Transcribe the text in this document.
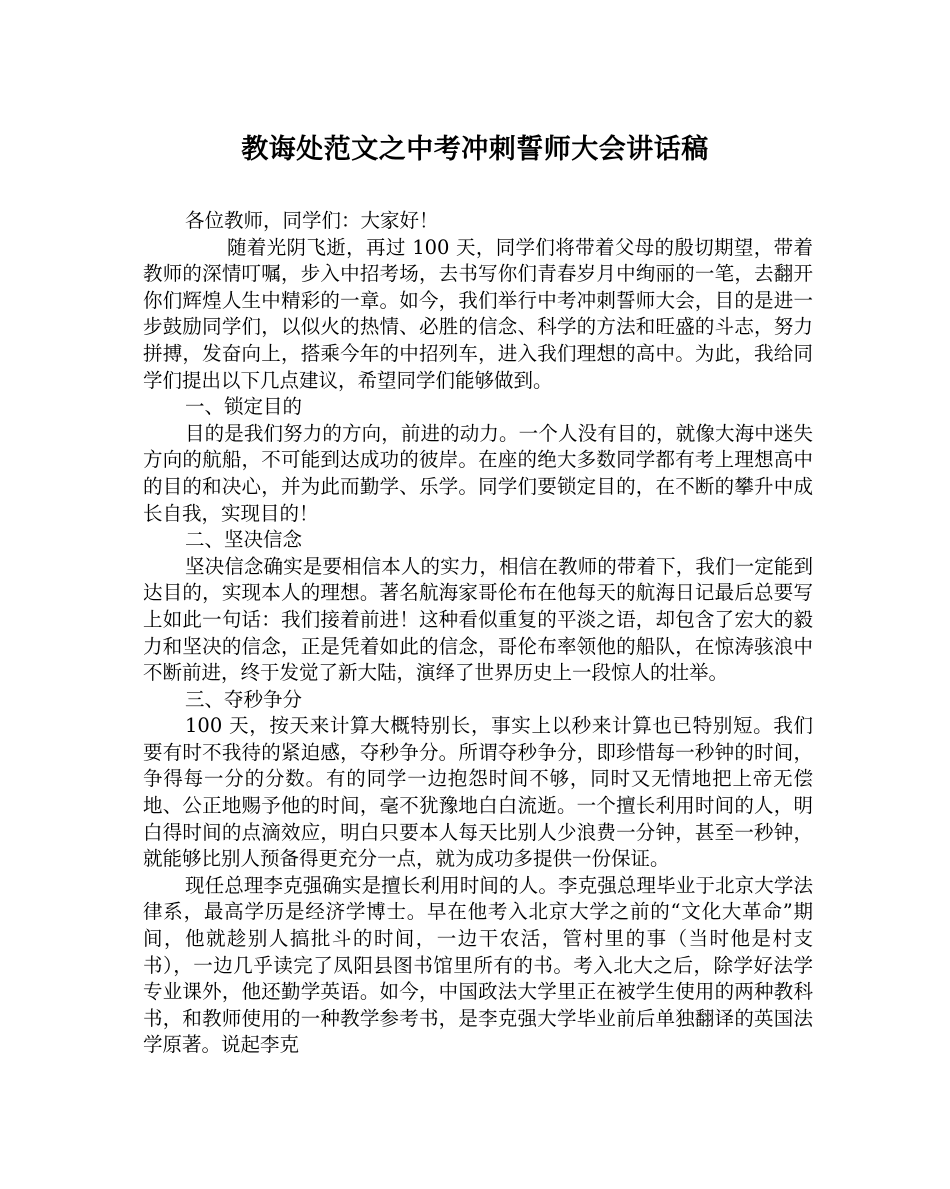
教诲处范文之中考冲刺誓师大会讲话稿

各位教师，同学们：大家好！

随着光阴飞逝，再过 100 天，同学们将带着父母的殷切期望，带着教师的深情叮嘱，步入中招考场，去书写你们青春岁月中绚丽的一笔，去翻开你们辉煌人生中精彩的一章。如今，我们举行中考冲刺誓师大会，目的是进一步鼓励同学们，以似火的热情、必胜的信念、科学的方法和旺盛的斗志，努力拼搏，发奋向上，搭乘今年的中招列车，进入我们理想的高中。为此，我给同学们提出以下几点建议，希望同学们能够做到。

一、锁定目的

目的是我们努力的方向，前进的动力。一个人没有目的，就像大海中迷失方向的航船，不可能到达成功的彼岸。在座的绝大多数同学都有考上理想高中的目的和决心，并为此而勤学、乐学。同学们要锁定目的，在不断的攀升中成长自我，实现目的！

二、坚决信念

坚决信念确实是要相信本人的实力，相信在教师的带着下，我们一定能到达目的，实现本人的理想。著名航海家哥伦布在他每天的航海日记最后总要写上如此一句话：我们接着前进！这种看似重复的平淡之语，却包含了宏大的毅力和坚决的信念，正是凭着如此的信念，哥伦布率领他的船队，在惊涛骇浪中不断前进，终于发觉了新大陆，演绎了世界历史上一段惊人的壮举。

三、夺秒争分

100 天，按天来计算大概特别长，事实上以秒来计算也已特别短。我们要有时不我待的紧迫感，夺秒争分。所谓夺秒争分，即珍惜每一秒钟的时间，争得每一分的分数。有的同学一边抱怨时间不够，同时又无情地把上帝无偿地、公正地赐予他的时间，毫不犹豫地白白流逝。一个擅长利用时间的人，明白得时间的点滴效应，明白只要本人每天比别人少浪费一分钟，甚至一秒钟，就能够比别人预备得更充分一点，就为成功多提供一份保证。

现任总理李克强确实是擅长利用时间的人。李克强总理毕业于北京大学法律系，最高学历是经济学博士。早在他考入北京大学之前的“文化大革命”期间，他就趁别人搞批斗的时间，一边干农活，管村里的事（当时他是村支书），一边几乎读完了凤阳县图书馆里所有的书。考入北大之后，除学好法学专业课外，他还勤学英语。如今，中国政法大学里正在被学生使用的两种教科书，和教师使用的一种教学参考书，是李克强大学毕业前后单独翻译的英国法学原著。说起李克
